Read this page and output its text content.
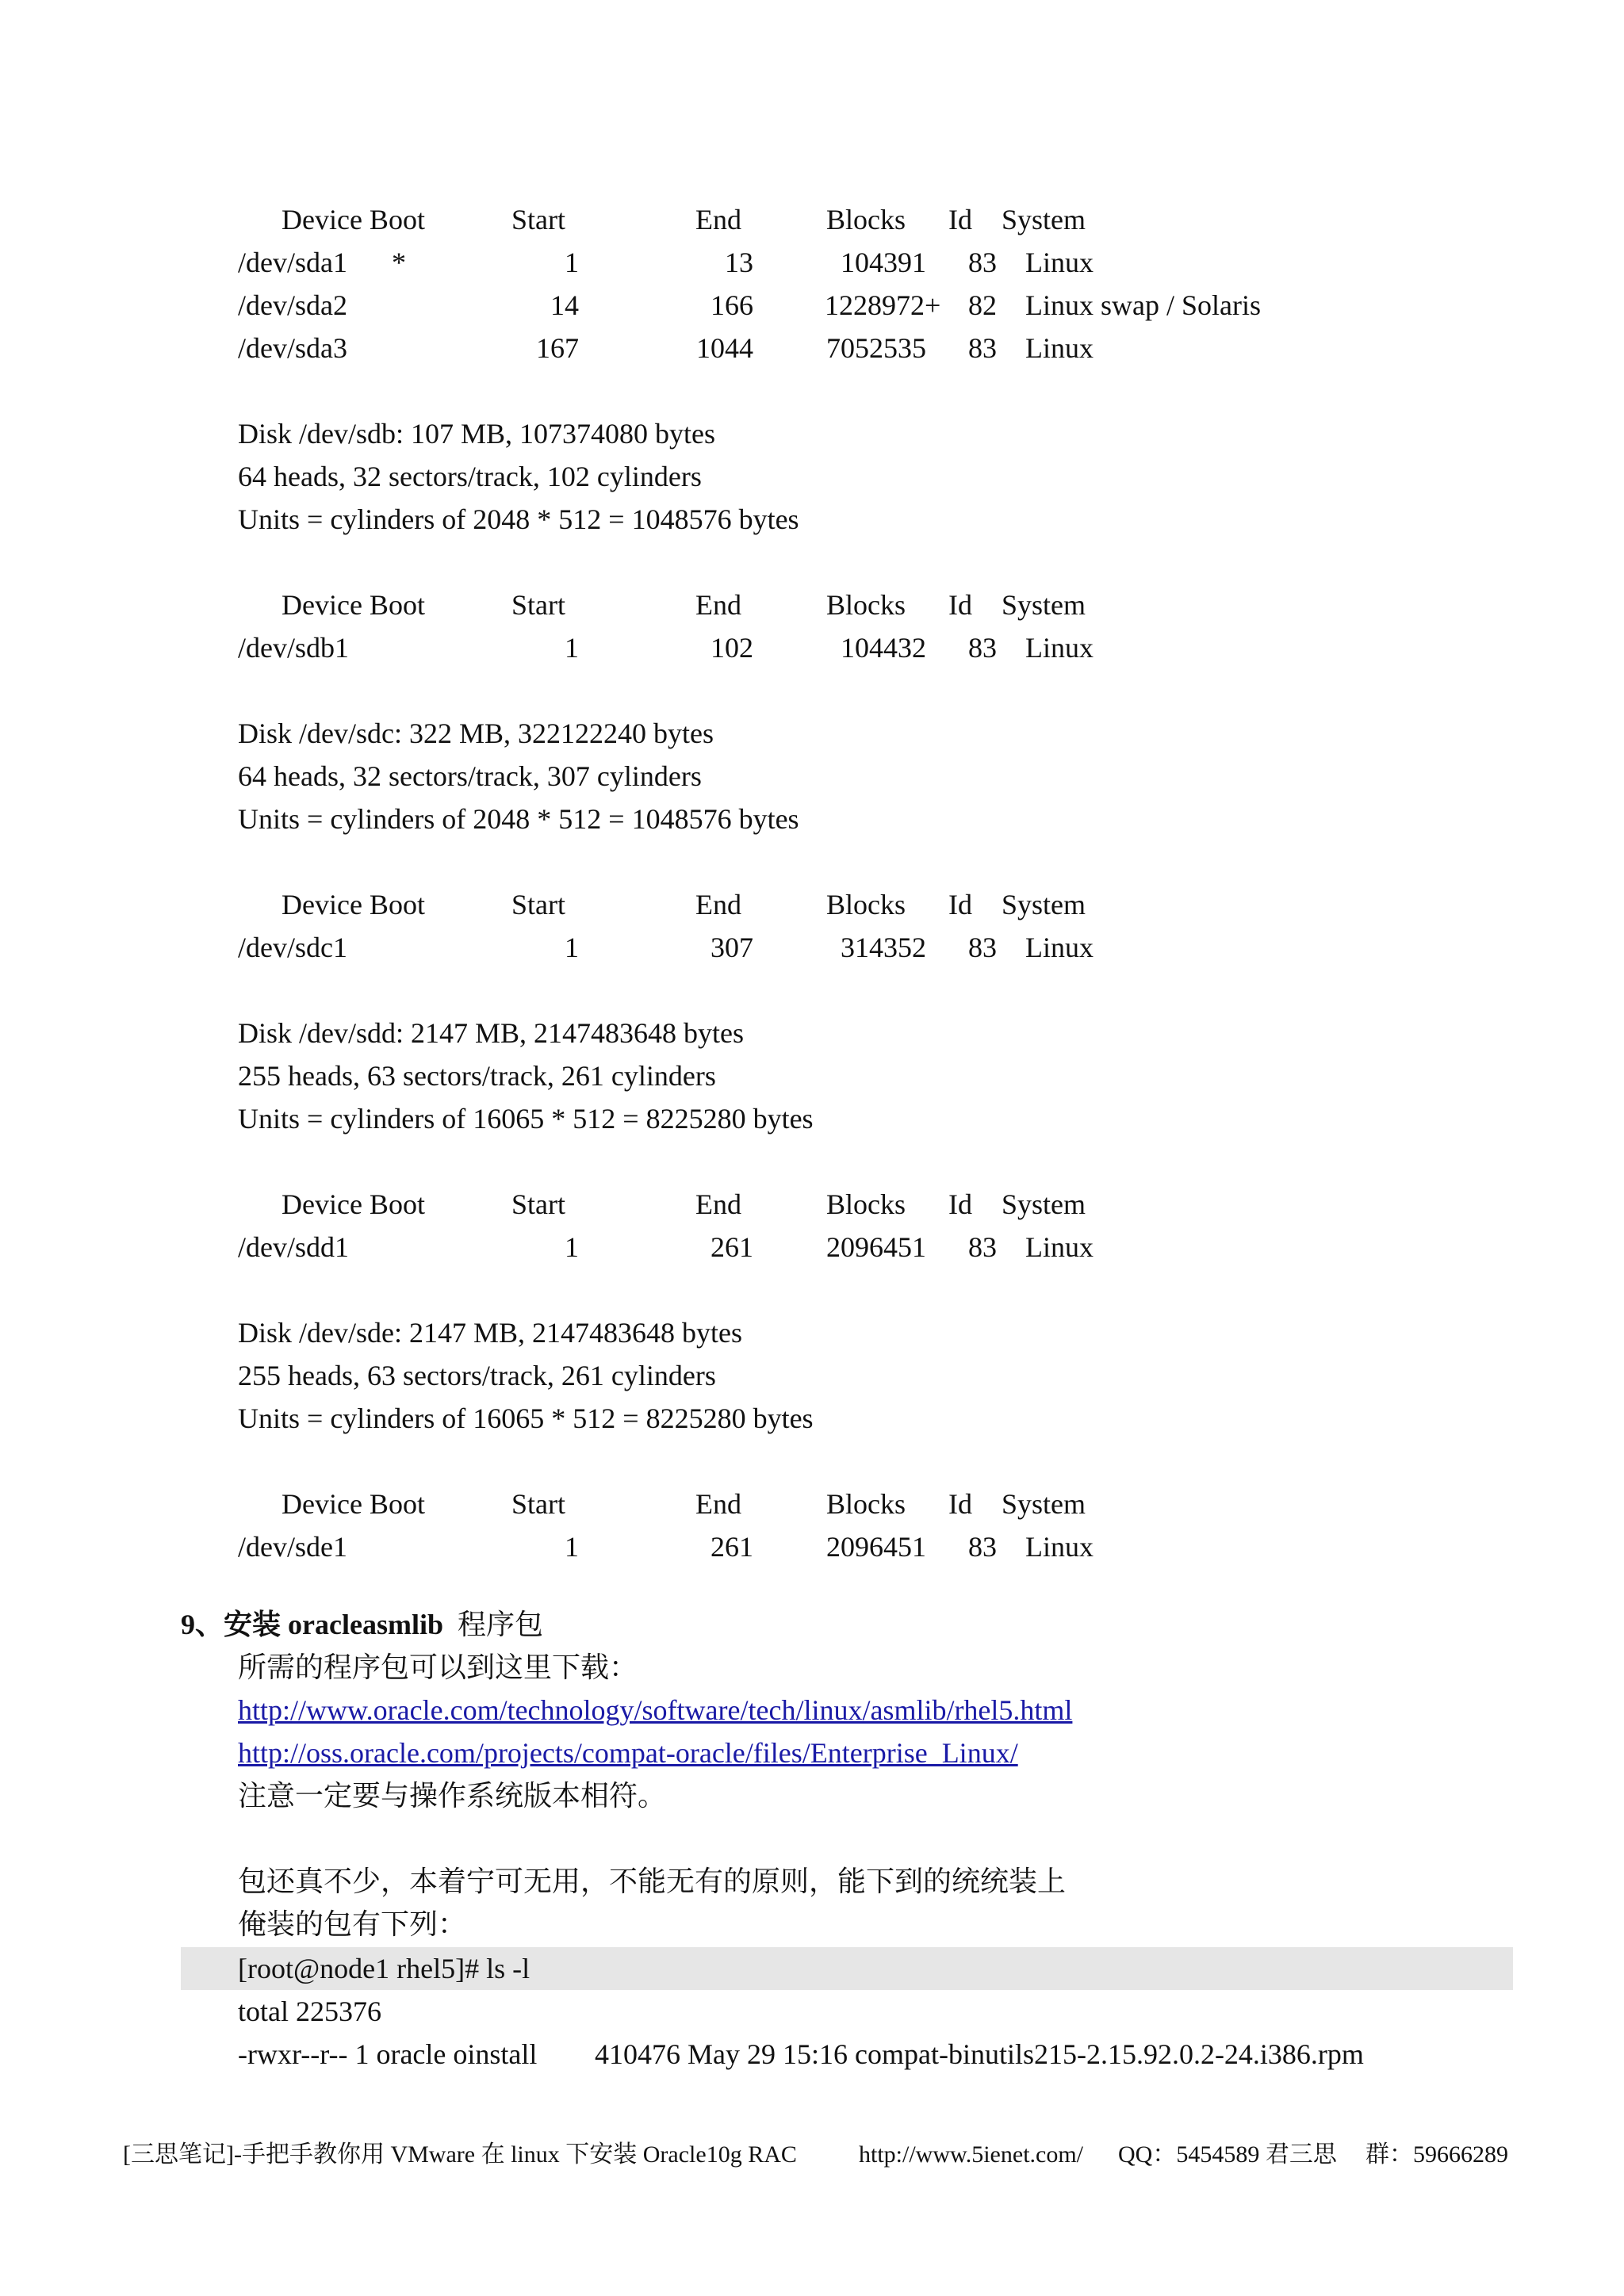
Device Boot	Start	End	Blocks Id System
/dev/sda1 *	1	13	104391	83 Linux
/dev/sda2	14	166	1228972+ 82 Linux swap / Solaris
/dev/sda3	167	1044	7052535	83 Linux
Disk /dev/sdb: 107 MB, 107374080 bytes
64 heads, 32 sectors/track, 102 cylinders
Units = cylinders of 2048 * 512 = 1048576 bytes
Device Boot	Start	End	Blocks Id System
/dev/sdb1	1	102	104432	83 Linux
Disk /dev/sdc: 322 MB, 322122240 bytes
64 heads, 32 sectors/track, 307 cylinders
Units = cylinders of 2048 * 512 = 1048576 bytes
Device Boot	Start	End	Blocks Id System
/dev/sdc1	1	307	314352	83 Linux
Disk /dev/sdd: 2147 MB, 2147483648 bytes
255 heads, 63 sectors/track, 261 cylinders
Units = cylinders of 16065 * 512 = 8225280 bytes
Device Boot	Start	End	Blocks Id System
/dev/sdd1	1	261	2096451	83 Linux
Disk /dev/sde: 2147 MB, 2147483648 bytes
255 heads, 63 sectors/track, 261 cylinders
Units = cylinders of 16065 * 512 = 8225280 bytes
Device Boot	Start	End	Blocks Id System
/dev/sde1	1	261	2096451	83 Linux
9、安装 oracleasmlib 程序包
所需的程序包可以到这里下载：
http://www.oracle.com/technology/software/tech/linux/asmlib/rhel5.html
http://oss.oracle.com/projects/compat-oracle/files/Enterprise_Linux/
注意一定要与操作系统版本相符。
包还真不少，本着宁可无用，不能无有的原则，能下到的统统装上
俺装的包有下列：
[root@node1 rhel5]# ls -l
total 225376
-rwxr--r-- 1 oracle oinstall 410476 May 29 15:16 compat-binutils215-2.15.92.0.2-24.i386.rpm
[三思笔记]-手把手教你用 VMware 在 linux 下安装 Oracle10g RAC	http://www.5ienet.com/ QQ：5454589 君三思 群：59666289
